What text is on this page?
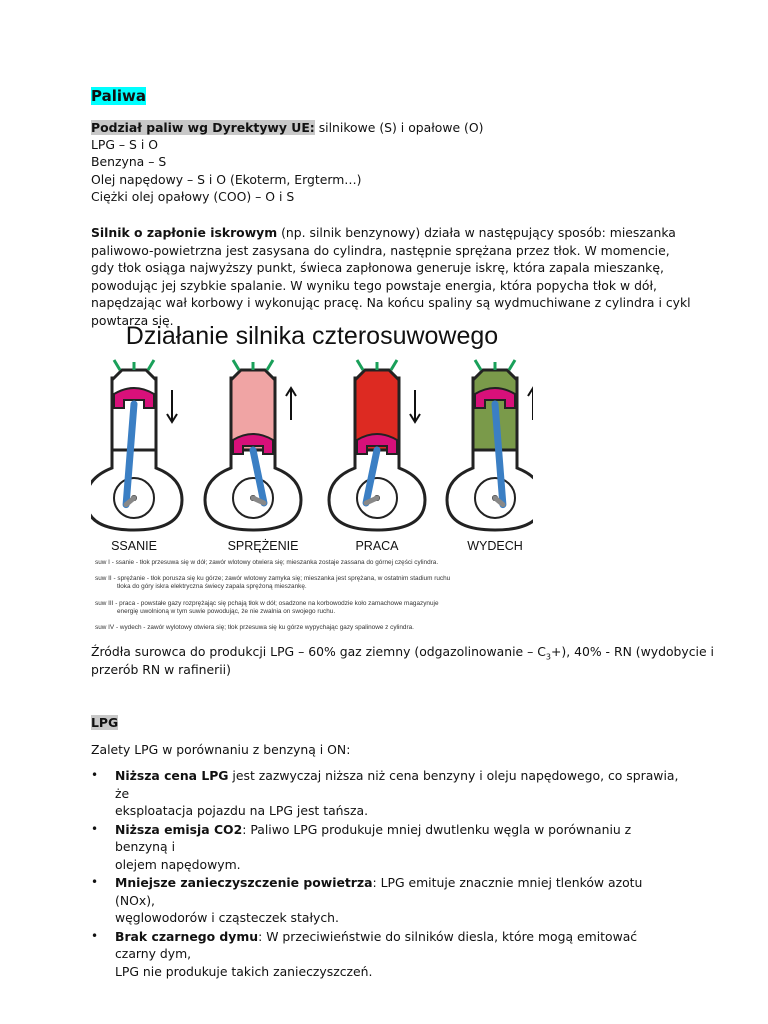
Paliwa

Podział paliw wg Dyrektywy UE: silnikowe (S) i opałowe (O)

LPG – S i O

Benzyna – S

Olej napędowy – S i O (Ekoterm, Ergterm…)

Ciężki olej opałowy (COO) – O i S

Silnik o zapłonie iskrowym (np. silnik benzynowy) działa w następujący sposób: mieszanka paliwowo-powietrzna jest zasysana do cylindra, następnie sprężana przez tłok. W momencie, gdy tłok osiąga najwyższy punkt, świeca zapłonowa generuje iskrę, która zapala mieszankę, powodując jej szybkie spalanie. W wyniku tego powstaje energia, która popycha tłok w dół, napędzając wał korbowy i wykonując pracę. Na końcu spaliny są wydmuchiwane z cylindra i cykl powtarza się.

Działanie silnika czterosuwowego
SSANIE	SPRĘŻENIE	PRACA	WYDECH
suw I - ssanie - tłok przesuwa się w dół; zawór wlotowy otwiera się; mieszanka zostaje zassana do górnej części cylindra.
suw II - sprężanie - tłok porusza się ku górze; zawór wlotowy zamyka się; mieszanka jest sprężana, w ostatnim stadium ruchu
tłoka do góry iskra elektryczna świecy zapala sprężoną mieszankę.
suw III - praca - powstałe gazy rozprężając się pchają tłok w dół; osadzone na korbowodzie koło zamachowe magazynuje
energię uwolnioną w tym suwie powodując, że nie zwalnia on swojego ruchu.
suw IV - wydech - zawór wylotowy otwiera się; tłok przesuwa się ku górze wypychając gazy spalinowe z cylindra.

Źródła surowca do produkcji LPG – 60% gaz ziemny (odgazolinowanie – $C_3+$), 40% - RN (wydobycie i

przerób RN w rafinerii)

LPG

Zalety LPG w porównaniu z benzyną i ON:

• Niższa cena LPG jest zazwyczaj niższa niż cena benzyny i oleju napędowego, co sprawia, że
eksploatacja pojazdu na LPG jest tańsza.
• Niższa emisja CO2: Paliwo LPG produkuje mniej dwutlenku węgla w porównaniu z benzyną i
olejem napędowym.
• Mniejsze zanieczyszczenie powietrza: LPG emituje znacznie mniej tlenków azotu (NOx),
węglowodorów i cząsteczek stałych.
• Brak czarnego dymu: W przeciwieństwie do silników diesla, które mogą emitować czarny dym,
LPG nie produkuje takich zanieczyszczeń.
